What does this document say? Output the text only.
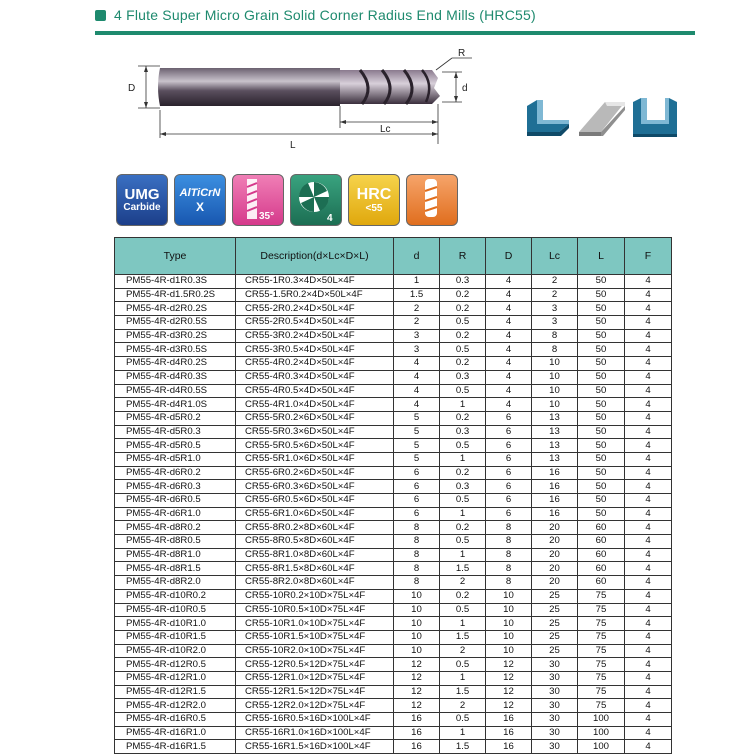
4 Flute Super Micro Grain Solid Corner Radius End Mills (HRC55)
D	d
R
Lc
L
UMG
Carbide
AlTiCrN
X
35°	4
HRC
<55
Type	Description(d×Lc×D×L)	d	R	D	Lc	L	F
PM55-4R-d1R0.3S	CR55-1R0.3×4D×50L×4F	1	0.3	4	2	50	4
PM55-4R-d1.5R0.2S	CR55-1.5R0.2×4D×50L×4F	1.5	0.2	4	2	50	4
PM55-4R-d2R0.2S	CR55-2R0.2×4D×50L×4F	2	0.2	4	3	50	4
PM55-4R-d2R0.5S	CR55-2R0.5×4D×50L×4F	2	0.5	4	3	50	4
PM55-4R-d3R0.2S	CR55-3R0.2×4D×50L×4F	3	0.2	4	8	50	4
PM55-4R-d3R0.5S	CR55-3R0.5×4D×50L×4F	3	0.5	4	8	50	4
PM55-4R-d4R0.2S	CR55-4R0.2×4D×50L×4F	4	0.2	4	10	50	4
PM55-4R-d4R0.3S	CR55-4R0.3×4D×50L×4F	4	0.3	4	10	50	4
PM55-4R-d4R0.5S	CR55-4R0.5×4D×50L×4F	4	0.5	4	10	50	4
PM55-4R-d4R1.0S	CR55-4R1.0×4D×50L×4F	4	1	4	10	50	4
PM55-4R-d5R0.2	CR55-5R0.2×6D×50L×4F	5	0.2	6	13	50	4
PM55-4R-d5R0.3	CR55-5R0.3×6D×50L×4F	5	0.3	6	13	50	4
PM55-4R-d5R0.5	CR55-5R0.5×6D×50L×4F	5	0.5	6	13	50	4
PM55-4R-d5R1.0	CR55-5R1.0×6D×50L×4F	5	1	6	13	50	4
PM55-4R-d6R0.2	CR55-6R0.2×6D×50L×4F	6	0.2	6	16	50	4
PM55-4R-d6R0.3	CR55-6R0.3×6D×50L×4F	6	0.3	6	16	50	4
PM55-4R-d6R0.5	CR55-6R0.5×6D×50L×4F	6	0.5	6	16	50	4
PM55-4R-d6R1.0	CR55-6R1.0×6D×50L×4F	6	1	6	16	50	4
PM55-4R-d8R0.2	CR55-8R0.2×8D×60L×4F	8	0.2	8	20	60	4
PM55-4R-d8R0.5	CR55-8R0.5×8D×60L×4F	8	0.5	8	20	60	4
PM55-4R-d8R1.0	CR55-8R1.0×8D×60L×4F	8	1	8	20	60	4
PM55-4R-d8R1.5	CR55-8R1.5×8D×60L×4F	8	1.5	8	20	60	4
PM55-4R-d8R2.0	CR55-8R2.0×8D×60L×4F	8	2	8	20	60	4
PM55-4R-d10R0.2	CR55-10R0.2×10D×75L×4F	10	0.2	10	25	75	4
PM55-4R-d10R0.5	CR55-10R0.5×10D×75L×4F	10	0.5	10	25	75	4
PM55-4R-d10R1.0	CR55-10R1.0×10D×75L×4F	10	1	10	25	75	4
PM55-4R-d10R1.5	CR55-10R1.5×10D×75L×4F	10	1.5	10	25	75	4
PM55-4R-d10R2.0	CR55-10R2.0×10D×75L×4F	10	2	10	25	75	4
PM55-4R-d12R0.5	CR55-12R0.5×12D×75L×4F	12	0.5	12	30	75	4
PM55-4R-d12R1.0	CR55-12R1.0×12D×75L×4F	12	1	12	30	75	4
PM55-4R-d12R1.5	CR55-12R1.5×12D×75L×4F	12	1.5	12	30	75	4
PM55-4R-d12R2.0	CR55-12R2.0×12D×75L×4F	12	2	12	30	75	4
PM55-4R-d16R0.5	CR55-16R0.5×16D×100L×4F	16	0.5	16	30	100	4
PM55-4R-d16R1.0	CR55-16R1.0×16D×100L×4F	16	1	16	30	100	4
PM55-4R-d16R1.5	CR55-16R1.5×16D×100L×4F	16	1.5	16	30	100	4
